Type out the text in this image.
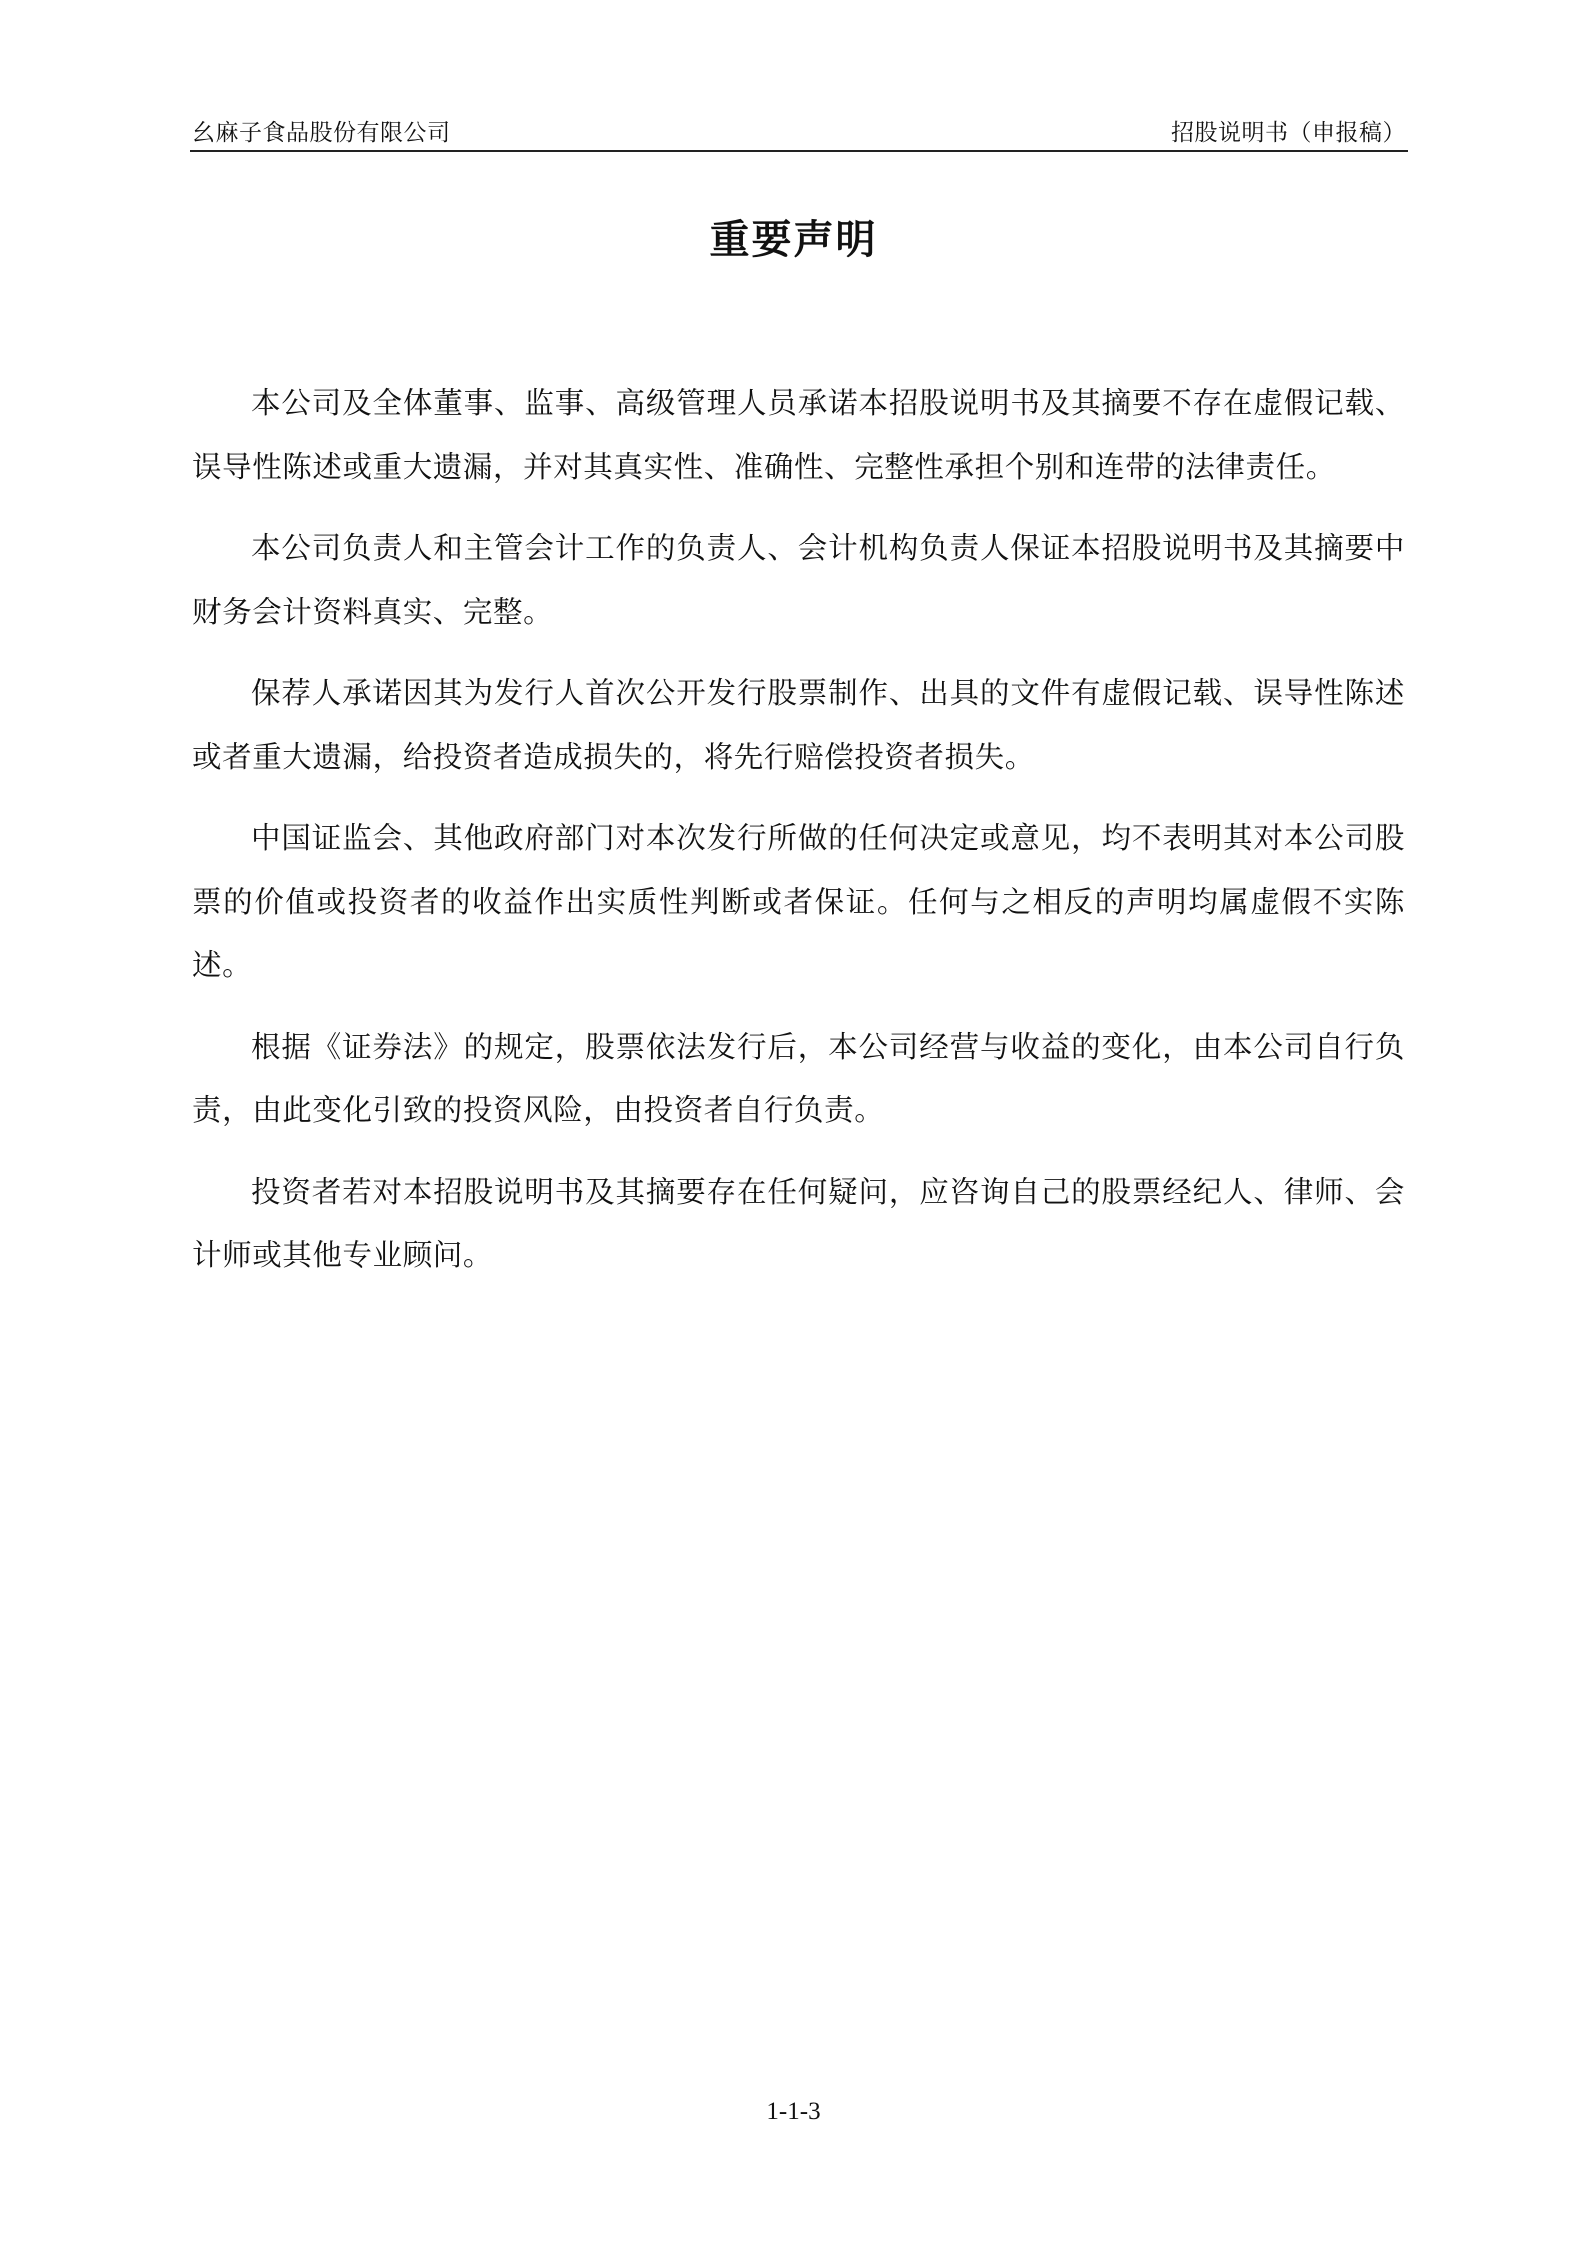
幺麻子食品股份有限公司	招股说明书（申报稿）
重要声明

本公司及全体董事、监事、高级管理人员承诺本招股说明书及其摘要不存在虚假记载、误导性陈述或重大遗漏，并对其真实性、准确性、完整性承担个别和连带的法律责任。

本公司负责人和主管会计工作的负责人、会计机构负责人保证本招股说明书及其摘要中财务会计资料真实、完整。

保荐人承诺因其为发行人首次公开发行股票制作、出具的文件有虚假记载、误导性陈述或者重大遗漏，给投资者造成损失的，将先行赔偿投资者损失。

中国证监会、其他政府部门对本次发行所做的任何决定或意见，均不表明其对本公司股票的价值或投资者的收益作出实质性判断或者保证。任何与之相反的声明均属虚假不实陈述。

根据《证券法》的规定，股票依法发行后，本公司经营与收益的变化，由本公司自行负责，由此变化引致的投资风险，由投资者自行负责。

投资者若对本招股说明书及其摘要存在任何疑问，应咨询自己的股票经纪人、律师、会计师或其他专业顾问。

1-1-3
